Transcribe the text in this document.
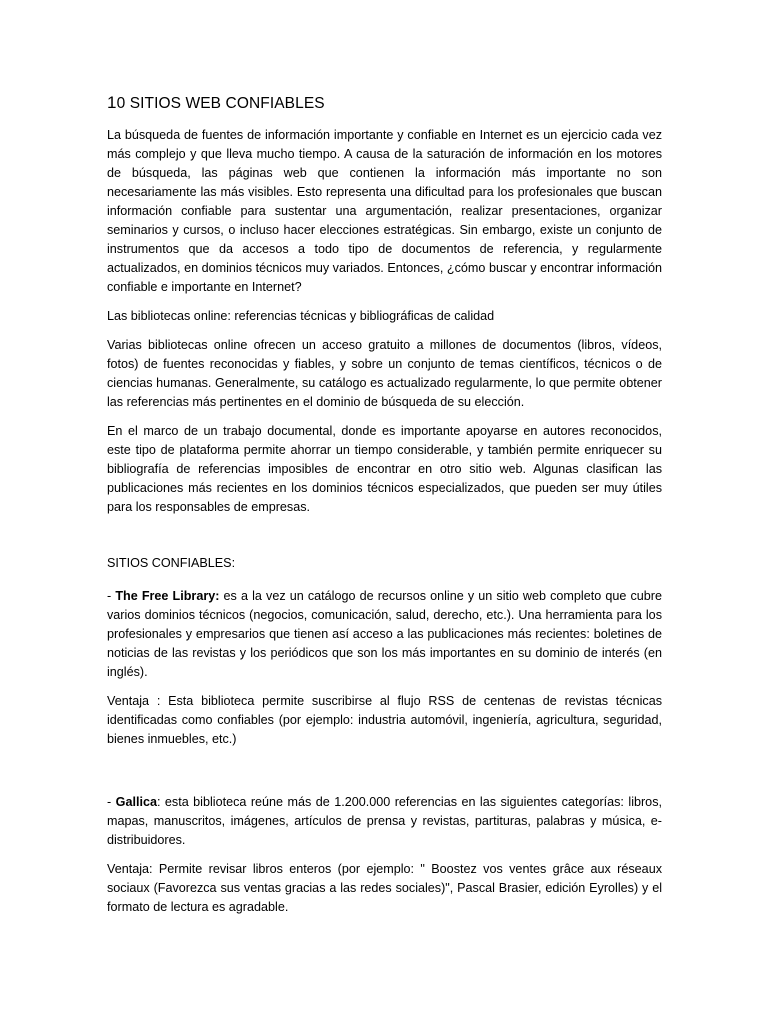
10 SITIOS WEB CONFIABLES

La búsqueda de fuentes de información importante y confiable en Internet es un ejercicio cada vez más complejo y que lleva mucho tiempo. A causa de la saturación de información en los motores de búsqueda, las páginas web que contienen la información más importante no son necesariamente las más visibles. Esto representa una dificultad para los profesionales que buscan información confiable para sustentar una argumentación, realizar presentaciones, organizar seminarios y cursos, o incluso hacer elecciones estratégicas. Sin embargo, existe un conjunto de instrumentos que da accesos a todo tipo de documentos de referencia, y regularmente actualizados, en dominios técnicos muy variados. Entonces, ¿cómo buscar y encontrar información confiable e importante en Internet?

Las bibliotecas online: referencias técnicas y bibliográficas de calidad

Varias bibliotecas online ofrecen un acceso gratuito a millones de documentos (libros, vídeos, fotos) de fuentes reconocidas y fiables, y sobre un conjunto de temas científicos, técnicos o de ciencias humanas. Generalmente, su catálogo es actualizado regularmente, lo que permite obtener las referencias más pertinentes en el dominio de búsqueda de su elección.

En el marco de un trabajo documental, donde es importante apoyarse en autores reconocidos, este tipo de plataforma permite ahorrar un tiempo considerable, y también permite enriquecer su bibliografía de referencias imposibles de encontrar en otro sitio web. Algunas clasifican las publicaciones más recientes en los dominios técnicos especializados, que pueden ser muy útiles para los responsables de empresas.

SITIOS CONFIABLES:

- The Free Library: es a la vez un catálogo de recursos online y un sitio web completo que cubre varios dominios técnicos (negocios, comunicación, salud, derecho, etc.). Una herramienta para los profesionales y empresarios que tienen así acceso a las publicaciones más recientes: boletines de noticias de las revistas y los periódicos que son los más importantes en su dominio de interés (en inglés).

Ventaja : Esta biblioteca permite suscribirse al flujo RSS de centenas de revistas técnicas identificadas como confiables (por ejemplo: industria automóvil, ingeniería, agricultura, seguridad, bienes inmuebles, etc.)

- Gallica: esta biblioteca reúne más de 1.200.000 referencias en las siguientes categorías: libros, mapas, manuscritos, imágenes, artículos de prensa y revistas, partituras, palabras y música, e-distribuidores.

Ventaja: Permite revisar libros enteros (por ejemplo: " Boostez vos ventes grâce aux réseaux sociaux (Favorezca sus ventas gracias a las redes sociales)", Pascal Brasier, edición Eyrolles) y el formato de lectura es agradable.
